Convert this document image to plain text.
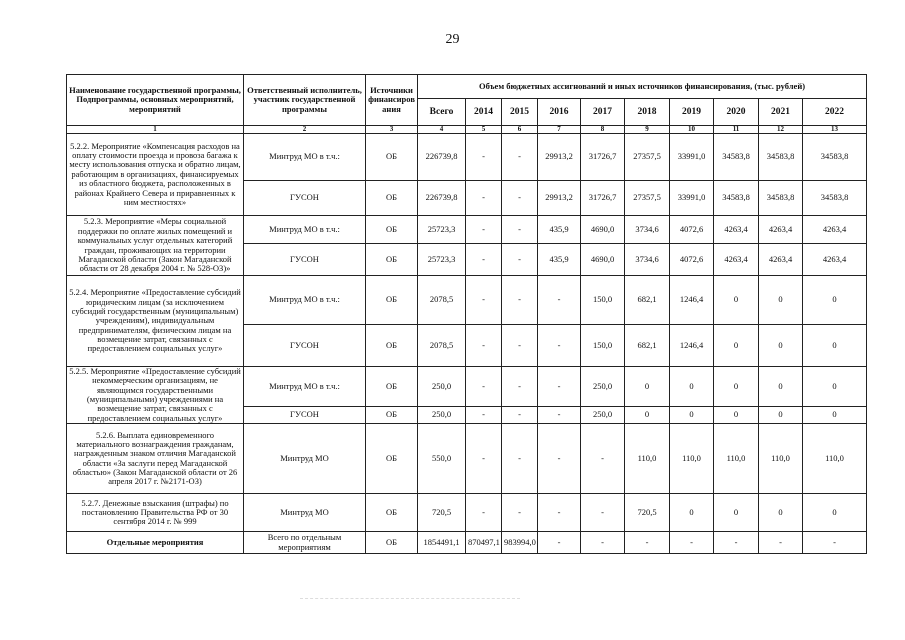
29
Наименование государственной программы, Подпрограммы, основных мероприятий, мероприятий	Ответственный исполнитель, участник государственной программы	Источники финансирования	Объем бюджетных ассигнований и иных источников финансирования, (тыс. рублей)									
			Всего	2014	2015	2016	2017	2018	2019	2020	2021	2022
1	2	3	4	5	6	7	8	9	10	11	12	13
5.2.2. Мероприятие «Компенсация расходов на оплату стоимости проезда и провоза багажа к месту использования отпуска и обратно лицам, работающим в организациях, финансируемых из областного бюджета, расположенных в районах Крайнего Севера и приравненных к ним местностях»	Минтруд МО в т.ч.:	ОБ	226739,8	-	-	29913,2	31726,7	27357,5	33991,0	34583,8	34583,8	34583,8
	ГУСОН	ОБ	226739,8	-	-	29913,2	31726,7	27357,5	33991,0	34583,8	34583,8	34583,8
5.2.3. Мероприятие «Меры социальной поддержки по оплате жилых помещений и коммунальных услуг отдельных категорий граждан, проживающих на территории Магаданской области (Закон Магаданской области от 28 декабря 2004 г. № 528-ОЗ)»	Минтруд МО в т.ч.:	ОБ	25723,3	-	-	435,9	4690,0	3734,6	4072,6	4263,4	4263,4	4263,4
	ГУСОН	ОБ	25723,3	-	-	435,9	4690,0	3734,6	4072,6	4263,4	4263,4	4263,4
5.2.4. Мероприятие «Предоставление субсидий юридическим лицам (за исключением субсидий государственным (муниципальным) учреждениям), индивидуальным предпринимателям, физическим лицам на возмещение затрат, связанных с предоставлением социальных услуг»	Минтруд МО в т.ч.:	ОБ	2078,5	-	-	-	150,0	682,1	1246,4	0	0	0
	ГУСОН	ОБ	2078,5	-	-	-	150,0	682,1	1246,4	0	0	0
5.2.5. Мероприятие «Предоставление субсидий некоммерческим организациям, не являющимся государственными (муниципальными) учреждениями на возмещение затрат, связанных с предоставлением социальных услуг»	Минтруд МО в т.ч.:	ОБ	250,0	-	-	-	250,0	0	0	0	0	0
	ГУСОН	ОБ	250,0	-	-	-	250,0	0	0	0	0	0
5.2.6. Выплата единовременного материального вознаграждения гражданам, награжденным знаком отличия Магаданской области «За заслуги перед Магаданской областью» (Закон Магаданской области от 26 апреля 2017 г. №2171-ОЗ)	Минтруд МО	ОБ	550,0	-	-	-	-	110,0	110,0	110,0	110,0	110,0
5.2.7. Денежные взыскания (штрафы) по постановлению Правительства РФ от 30 сентября 2014 г. № 999	Минтруд МО	ОБ	720,5	-	-	-	-	720,5	0	0	0	0
Отдельные мероприятия	Всего по отдельным мероприятиям	ОБ	1854491,1	870497,1	983994,0	-	-	-	-	-	-	-
